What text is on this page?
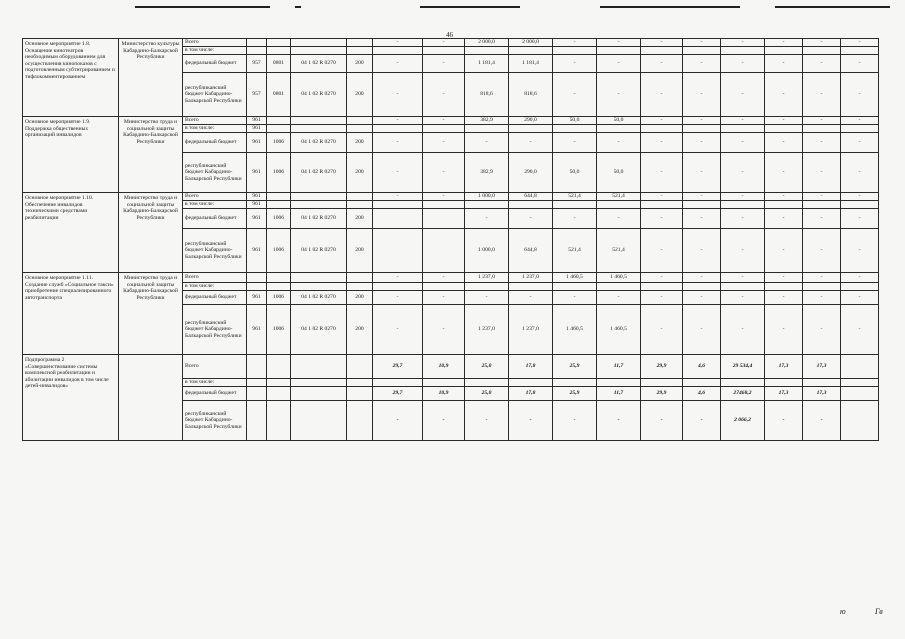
46
Основное мероприятие 1.8. Оснащение кинотеатров необходимым оборудованием для осуществления кинопоказов с подготовленным субтитрированием и тифлокомментированием	Министерство культуры Кабардино-Балкарской Республики	Всего					-	-	2 000,0	2 000,0	-	-	-	-	-	-	-	-
		в том числе:																
		федеральный бюджет	957	0801	04 1 02 R 0270	200	-	-	1 181,4	1 181,4	-	-	-	-	-	-	-	-
		республиканский бюджет Кабардино-Балкарской Республики	957	0801	04 1 02 R 0270	200	-	-	818,6	818,6	-	-	-	-	-	-	-	-
Основное мероприятие 1.9. Поддержка общественных организаций инвалидов	Министерство труда и социальной защиты Кабардино-Балкарской Республики	Всего	961				-	-	382,9	290,0	50,0	50,0	-	-	-	-	-	-
		в том числе:	961															
		федеральный бюджет	961	1006	04 1 02 R 0270	200	-	-	-	-	-	-	-	-	-	-	-	-
		республиканский бюджет Кабардино-Балкарской Республики	961	1006	04 1 02 R 0270	200	-	-	382,9	290,0	50,0	50,0	-	-	-	-	-	-
Основное мероприятие 1.10. Обеспечение инвалидов техническими средствами реабилитации	Министерство труда и социальной защиты Кабардино-Балкарской Республики	Всего	961				-	-	1 000,0	644,8	521,4	521,4	-	-	-	-	-	-
		в том числе:	961															
		федеральный бюджет	961	1006	04 1 02 R 0270	200			-	-	-	-	-	-	-	-	-	-
		республиканский бюджет Кабардино-Балкарской Республики	961	1006	04 1 02 R 0270	200			1 000,0	644,8	521,4	521,4	-	-	-	-	-	-
Основное мероприятие 1.11. Создание служб «Социальное такси» приобретение специализированного автотранспорта	Министерство труда и социальной защиты Кабардино-Балкарской Республики	Всего					-	-	1 237,0	1 237,0	1 460,5	1 460,5	-	-	-	-	-	-
		в том числе:																
		федеральный бюджет	961	1006	04 1 02 R 0270	200	-	-	-	-	-	-	-	-	-	-	-	-
		республиканский бюджет Кабардино-Балкарской Республики	961	1006	04 1 02 R 0270	200	-	-	1 237,0	1 237,0	1 460,5	1 460,5	-	-	-	-	-	-
Подпрограмма 2 «Совершенствование системы комплексной реабилитации и абилитации инвалидов в том числе детей-инвалидов»		Всего					29,7	10,9	25,0	17,8	25,9	11,7	29,9	4,6	29 534,4	17,3	17,3	
		в том числе:																
		федеральный бюджет					29,7	10,9	25,0	17,8	25,9	11,7	29,9	4,6	27468,2	17,3	17,3	
		республиканский бюджет Кабардино-Балкарской Республики					-	-	-	-	-	-	-	-	2 066,2	-	-	
ю	Гв
